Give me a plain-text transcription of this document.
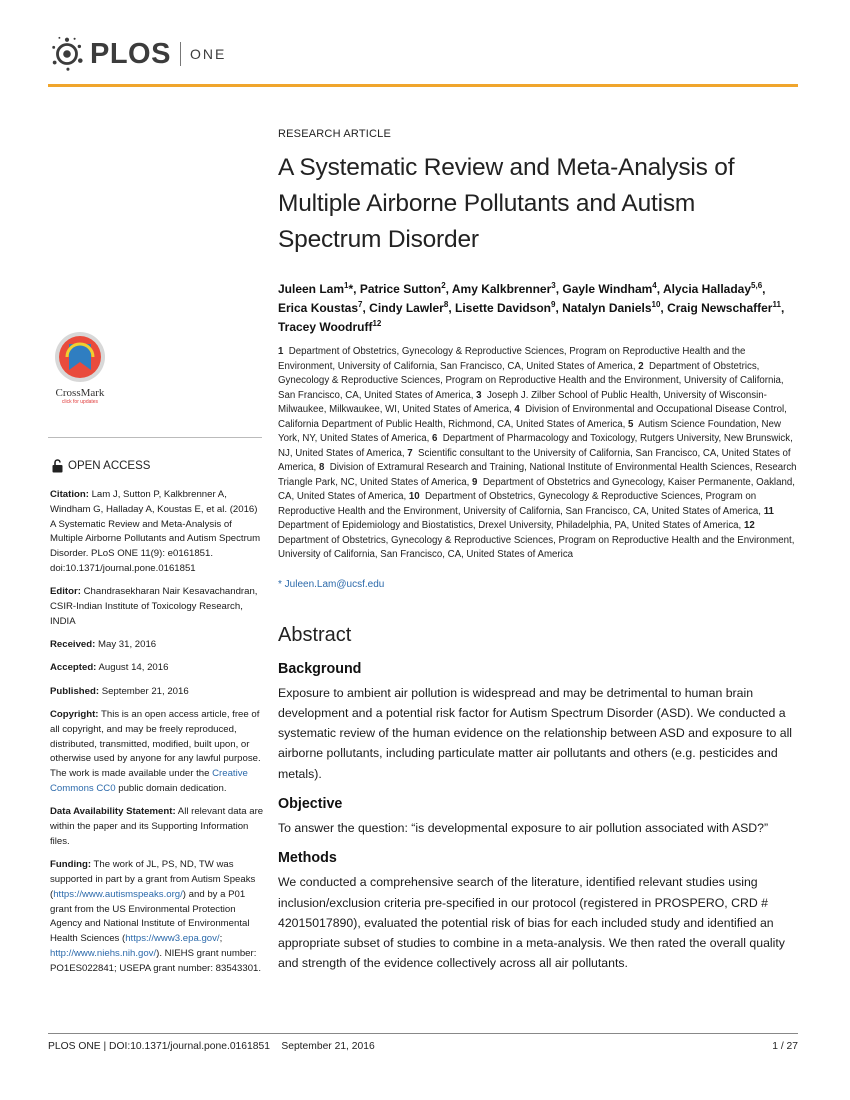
PLOS ONE
CrossMark
click for updates
OPEN ACCESS

Citation: Lam J, Sutton P, Kalkbrenner A, Windham G, Halladay A, Koustas E, et al. (2016) A Systematic Review and Meta-Analysis of Multiple Airborne Pollutants and Autism Spectrum Disorder. PLoS ONE 11(9): e0161851. doi:10.1371/journal.pone.0161851

Editor: Chandrasekharan Nair Kesavachandran, CSIR-Indian Institute of Toxicology Research, INDIA

Received: May 31, 2016

Accepted: August 14, 2016

Published: September 21, 2016

Copyright: This is an open access article, free of all copyright, and may be freely reproduced, distributed, transmitted, modified, built upon, or otherwise used by anyone for any lawful purpose. The work is made available under the Creative Commons CC0 public domain dedication.

Data Availability Statement: All relevant data are within the paper and its Supporting Information files.

Funding: The work of JL, PS, ND, TW was supported in part by a grant from Autism Speaks (https://www.autismspeaks.org/) and by a P01 grant from the US Environmental Protection Agency and National Institute of Environmental Health Sciences (https://www3.epa.gov/; http://www.niehs.nih.gov/). NIEHS grant number: PO1ES022841; USEPA grant number: 83543301.

RESEARCH ARTICLE
A Systematic Review and Meta-Analysis of Multiple Airborne Pollutants and Autism Spectrum Disorder
Juleen Lam$^1$*, Patrice Sutton$^2$, Amy Kalkbrenner$^3$, Gayle Windham$^4$, Alycia Halladay$^{5,6}$, Erica Koustas$^7$, Cindy Lawler$^8$, Lisette Davidson$^9$, Natalyn Daniels$^{10}$, Craig Newschaffer$^{11}$, Tracey Woodruff$^{12}$
1 Department of Obstetrics, Gynecology & Reproductive Sciences, Program on Reproductive Health and the Environment, University of California, San Francisco, CA, United States of America, 2 Department of Obstetrics, Gynecology & Reproductive Sciences, Program on Reproductive Health and the Environment, University of California, San Francisco, CA, United States of America, 3 Joseph J. Zilber School of Public Health, University of Wisconsin-Milwaukee, Milkwaukee, WI, United States of America, 4 Division of Environmental and Occupational Disease Control, California Department of Public Health, Richmond, CA, United States of America, 5 Autism Science Foundation, New York, NY, United States of America, 6 Department of Pharmacology and Toxicology, Rutgers University, New Brunswick, NJ, United States of America, 7 Scientific consultant to the University of California, San Francisco, CA, United States of America, 8 Division of Extramural Research and Training, National Institute of Environmental Health Sciences, Research Triangle Park, NC, United States of America, 9 Department of Obstetrics and Gynecology, Kaiser Permanente, Oakland, CA, United States of America, 10 Department of Obstetrics, Gynecology & Reproductive Sciences, Program on Reproductive Health and the Environment, University of California, San Francisco, CA, United States of America, 11  Department of Epidemiology and Biostatistics, Drexel University, Philadelphia, PA, United States of America, 12  Department of Obstetrics, Gynecology & Reproductive Sciences, Program on Reproductive Health and the Environment, University of California, San Francisco, CA, United States of America
* Juleen.Lam@ucsf.edu
Abstract
Background
Exposure to ambient air pollution is widespread and may be detrimental to human brain development and a potential risk factor for Autism Spectrum Disorder (ASD). We conducted a systematic review of the human evidence on the relationship between ASD and exposure to all airborne pollutants, including particulate matter air pollutants and others (e.g. pesticides and metals).
Objective
To answer the question: “is developmental exposure to air pollution associated with ASD?”
Methods
We conducted a comprehensive search of the literature, identified relevant studies using inclusion/exclusion criteria pre-specified in our protocol (registered in PROSPERO, CRD # 42015017890), evaluated the potential risk of bias for each included study and identified an appropriate subset of studies to combine in a meta-analysis. We then rated the overall quality and strength of the evidence collectively across all air pollutants.
PLOS ONE | DOI:10.1371/journal.pone.0161851    September 21, 2016	1 / 27
